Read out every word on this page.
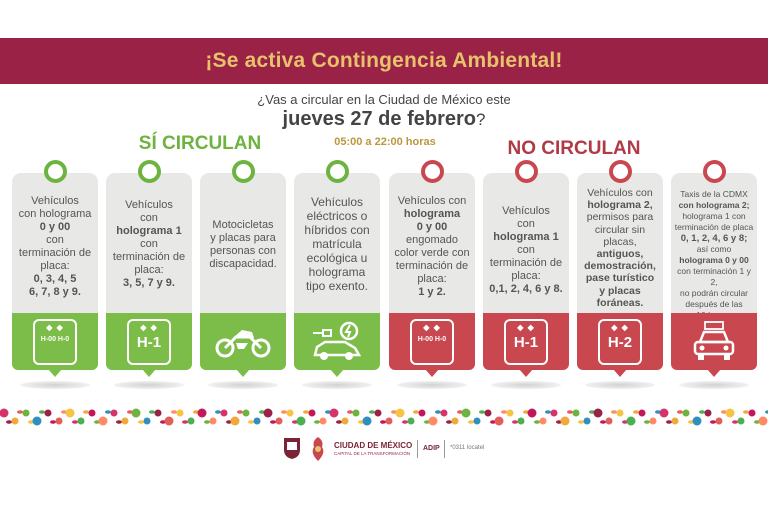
¡Se activa Contingencia Ambiental!
¿Vas a circular en la Ciudad de México este
jueves 27 de febrero?
SÍ CIRCULAN	05:00 a 22:00 horas	NO CIRCULAN
Vehículos
con holograma
0 y 00
con
terminación de
placa:
0, 3, 4, 5
6, 7, 8 y 9.
◆ ◆
H-00 H-0
Vehículos
con
holograma 1
con
terminación de
placa:
3, 5, 7 y 9.
◆ ◆
H-1
Motocicletas
y placas para
personas con
discapacidad.
Vehículos
eléctricos o
híbridos con
matrícula
ecológica u
holograma
tipo exento.
Vehículos con
holograma
0 y 00
engomado
color verde con
terminación de
placa:
1 y 2.
◆ ◆
H-00 H-0
Vehículos
con
holograma 1
con
terminación de
placa:
0,1, 2, 4, 6 y 8.
◆ ◆
H-1
Vehículos con
holograma 2,
permisos para
circular sin
placas,
antiguos,
demostración,
pase turístico
y placas
foráneas.
◆ ◆
H-2
Taxis de la CDMX
con holograma 2;
holograma 1 con
terminación de placa
0, 1, 2, 4, 6 y 8;
así como
holograma 0 y 00
con terminación 1 y 2,
no podrán circular
después de las
CIUDAD DE MÉXICO
CAPITAL DE LA TRANSFORMACIÓN
ADIP *0311 locatel
